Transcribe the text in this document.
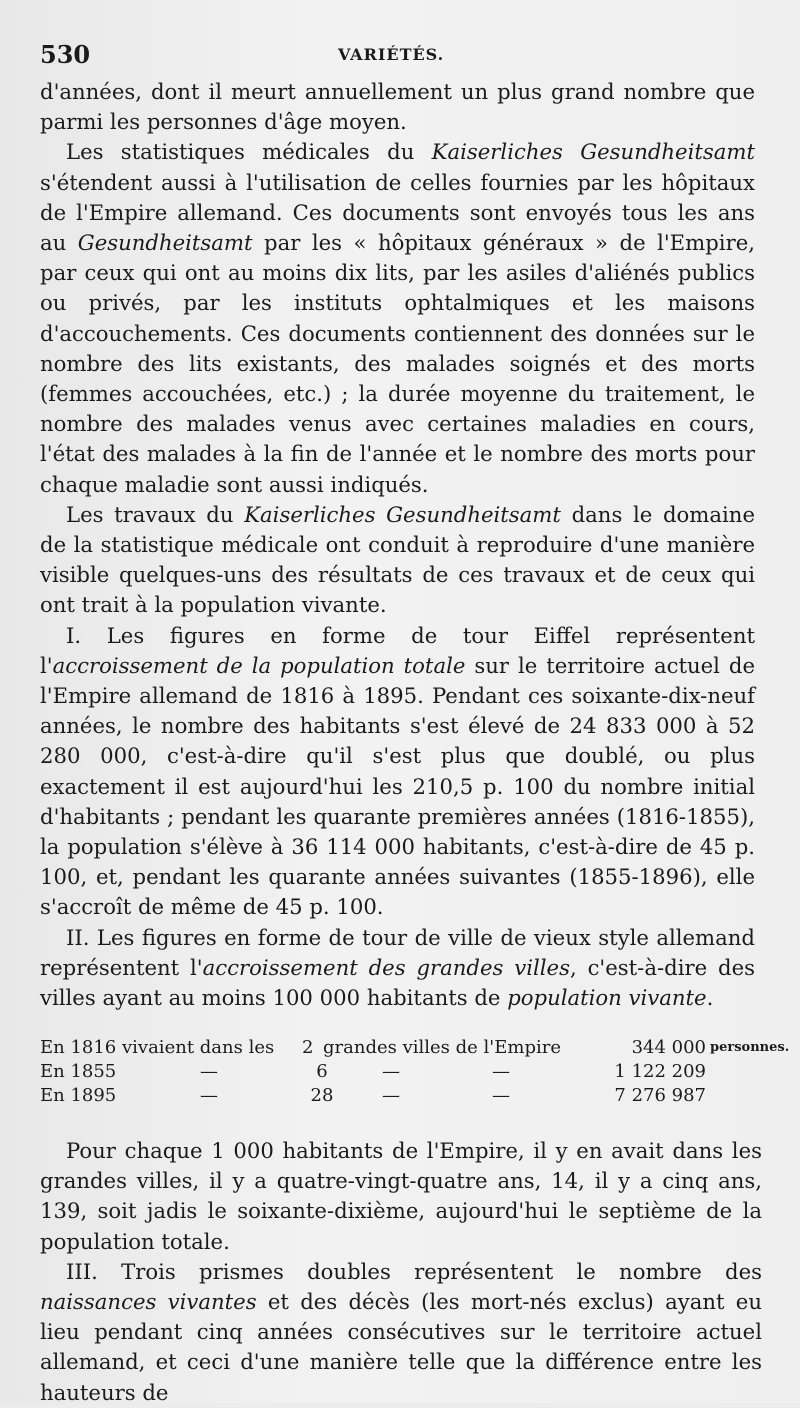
530	VARIÉTÉS.

d'années, dont il meurt annuellement un plus grand nombre que parmi les personnes d'âge moyen.

Les statistiques médicales du Kaiserliches Gesundheitsamt s'étendent aussi à l'utilisation de celles fournies par les hôpitaux de l'Empire allemand. Ces documents sont envoyés tous les ans au Gesundheitsamt par les « hôpitaux généraux » de l'Empire, par ceux qui ont au moins dix lits, par les asiles d'aliénés publics ou privés, par les instituts ophtalmiques et les maisons d'accouchements. Ces documents contiennent des données sur le nombre des lits existants, des malades soignés et des morts (femmes accouchées, etc.) ; la durée moyenne du traitement, le nombre des malades venus avec certaines maladies en cours, l'état des malades à la fin de l'année et le nombre des morts pour chaque maladie sont aussi indiqués.

Les travaux du Kaiserliches Gesundheitsamt dans le domaine de la statistique médicale ont conduit à reproduire d'une manière visible quelques-uns des résultats de ces travaux et de ceux qui ont trait à la population vivante.

I. Les figures en forme de tour Eiffel représentent l'accroissement de la population totale sur le territoire actuel de l'Empire allemand de 1816 à 1895. Pendant ces soixante-dix-neuf années, le nombre des habitants s'est élevé de 24 833 000 à 52 280 000, c'est-à-dire qu'il s'est plus que doublé, ou plus exactement il est aujourd'hui les 210,5 p. 100 du nombre initial d'habitants ; pendant les quarante premières années (1816-1855), la population s'élève à 36 114 000 habitants, c'est-à-dire de 45 p. 100, et, pendant les quarante années suivantes (1855-1896), elle s'accroît de même de 45 p. 100.

II. Les figures en forme de tour de ville de vieux style allemand représentent l'accroissement des grandes villes, c'est-à-dire des villes ayant au moins 100 000 habitants de population vivante.

En 1816 vivaient dans les 2 grandes villes de l'Empire	344 000 personnes.
En 1855	—	6	—	—	1 122 209
En 1895	—	28	—	—	7 276 987

Pour chaque 1 000 habitants de l'Empire, il y en avait dans les grandes villes, il y a quatre-vingt-quatre ans, 14, il y a cinq ans, 139, soit jadis le soixante-dixième, aujourd'hui le septième de la population totale.

III. Trois prismes doubles représentent le nombre des naissances vivantes et des décès (les mort-nés exclus) ayant eu lieu pendant cinq années consécutives sur le territoire actuel allemand, et ceci d'une manière telle que la différence entre les hauteurs de
